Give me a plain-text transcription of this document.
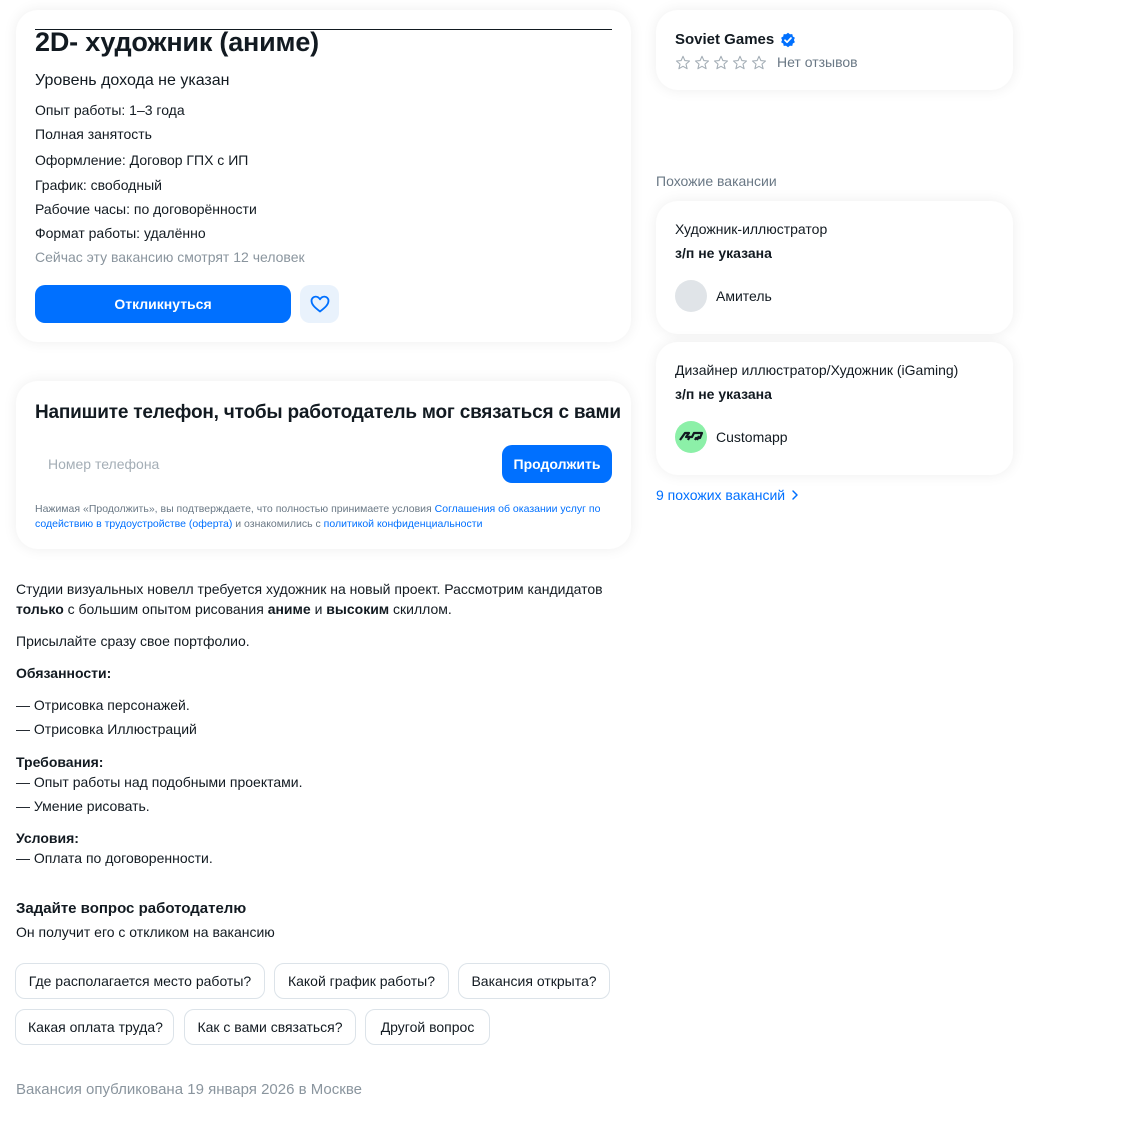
2D- художник (аниме)
Уровень дохода не указан
Опыт работы: 1–3 года
Полная занятость
Оформление: Договор ГПХ с ИП
График: свободный
Рабочие часы: по договорённости
Формат работы: удалённо
Сейчас эту вакансию смотрят 12 человек
Откликнуться
Напишите телефон, чтобы работодатель мог связаться с вами
Номер телефона
Продолжить
Нажимая «Продолжить», вы подтверждаете, что полностью принимаете условия Соглашения об оказании услуг по содействию в трудоустройстве (оферта) и ознакомились с политикой конфиденциальности
Студии визуальных новелл требуется художник на новый проект. Рассмотрим кандидатов
только с большим опытом рисования аниме и высоким скиллом.
Присылайте сразу свое портфолио.
Обязанности:
— Отрисовка персонажей.
— Отрисовка Иллюстраций
Требования:
— Опыт работы над подобными проектами.
— Умение рисовать.
Условия:
— Оплата по договоренности.
Задайте вопрос работодателю
Он получит его с откликом на вакансию
Где располагается место работы?	Какой график работы?	Вакансия открыта?
Какая оплата труда?	Как с вами связаться?	Другой вопрос
Вакансия опубликована 19 января 2026 в Москве
Soviet Games
Нет отзывов
Похожие вакансии
Художник-иллюстратор
з/п не указана
Амитель
Дизайнер иллюстратор/Художник (iGaming)
з/п не указана
Customapp
9 похожих вакансий
